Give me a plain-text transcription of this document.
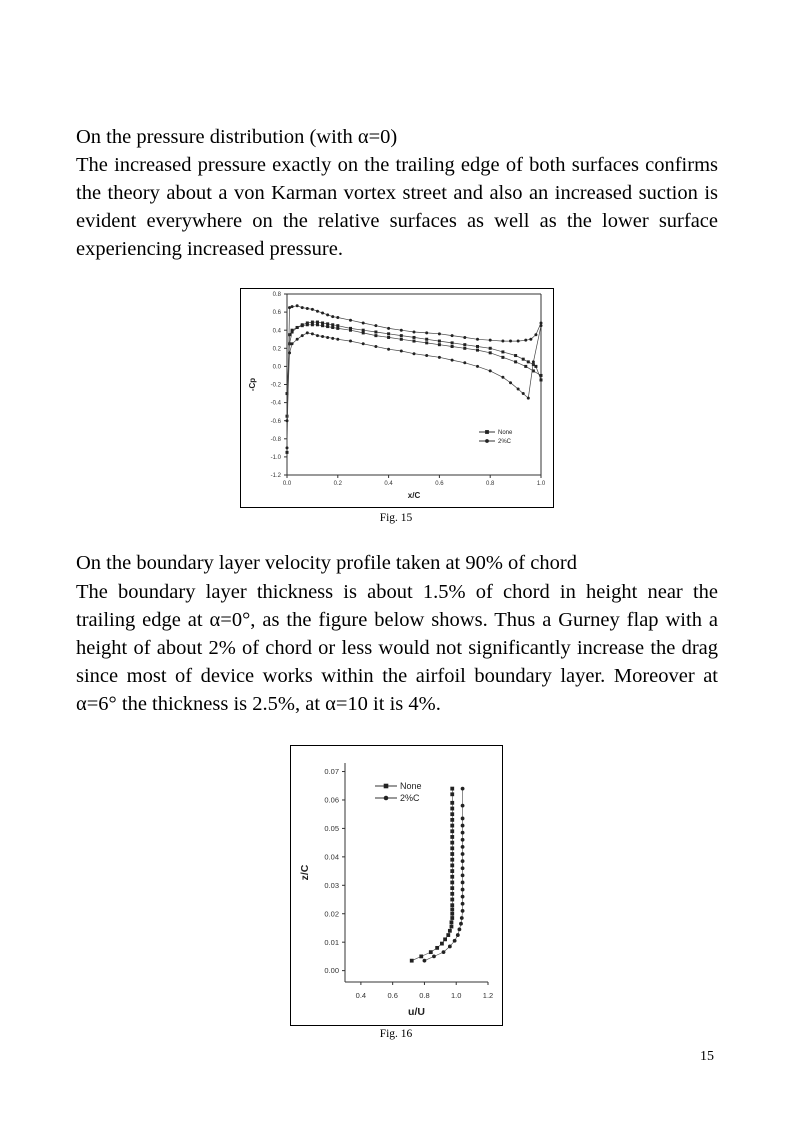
On the pressure distribution (with α=0)
The increased pressure exactly on the trailing edge of both surfaces confirms the theory about a von Karman vortex street and also an increased suction is evident everywhere on the relative surfaces as well as the lower surface experiencing increased pressure.
0.0	0.2	0.4	0.6	0.8	1.0
-1.2
-1.0
-0.8
-0.6
-0.4
-0.2
0.0
0.2
0.4
0.6
0.8
x/C
-Cp
None
2%C
Fig. 15
On the boundary layer velocity profile taken at 90% of chord
The boundary layer thickness is about 1.5% of chord in height near the trailing edge at α=0°, as the figure below shows. Thus a Gurney flap with a height of about 2% of chord or less would not significantly increase the drag since most of device works within the airfoil boundary layer. Moreover at α=6° the thickness is 2.5%, at α=10 it is 4%.
0.4	0.6	0.8	1.0	1.2
0.00
0.01
0.02
0.03
0.04
0.05
0.06
0.07
u/U
z/C
None
2%C
Fig. 16
15
